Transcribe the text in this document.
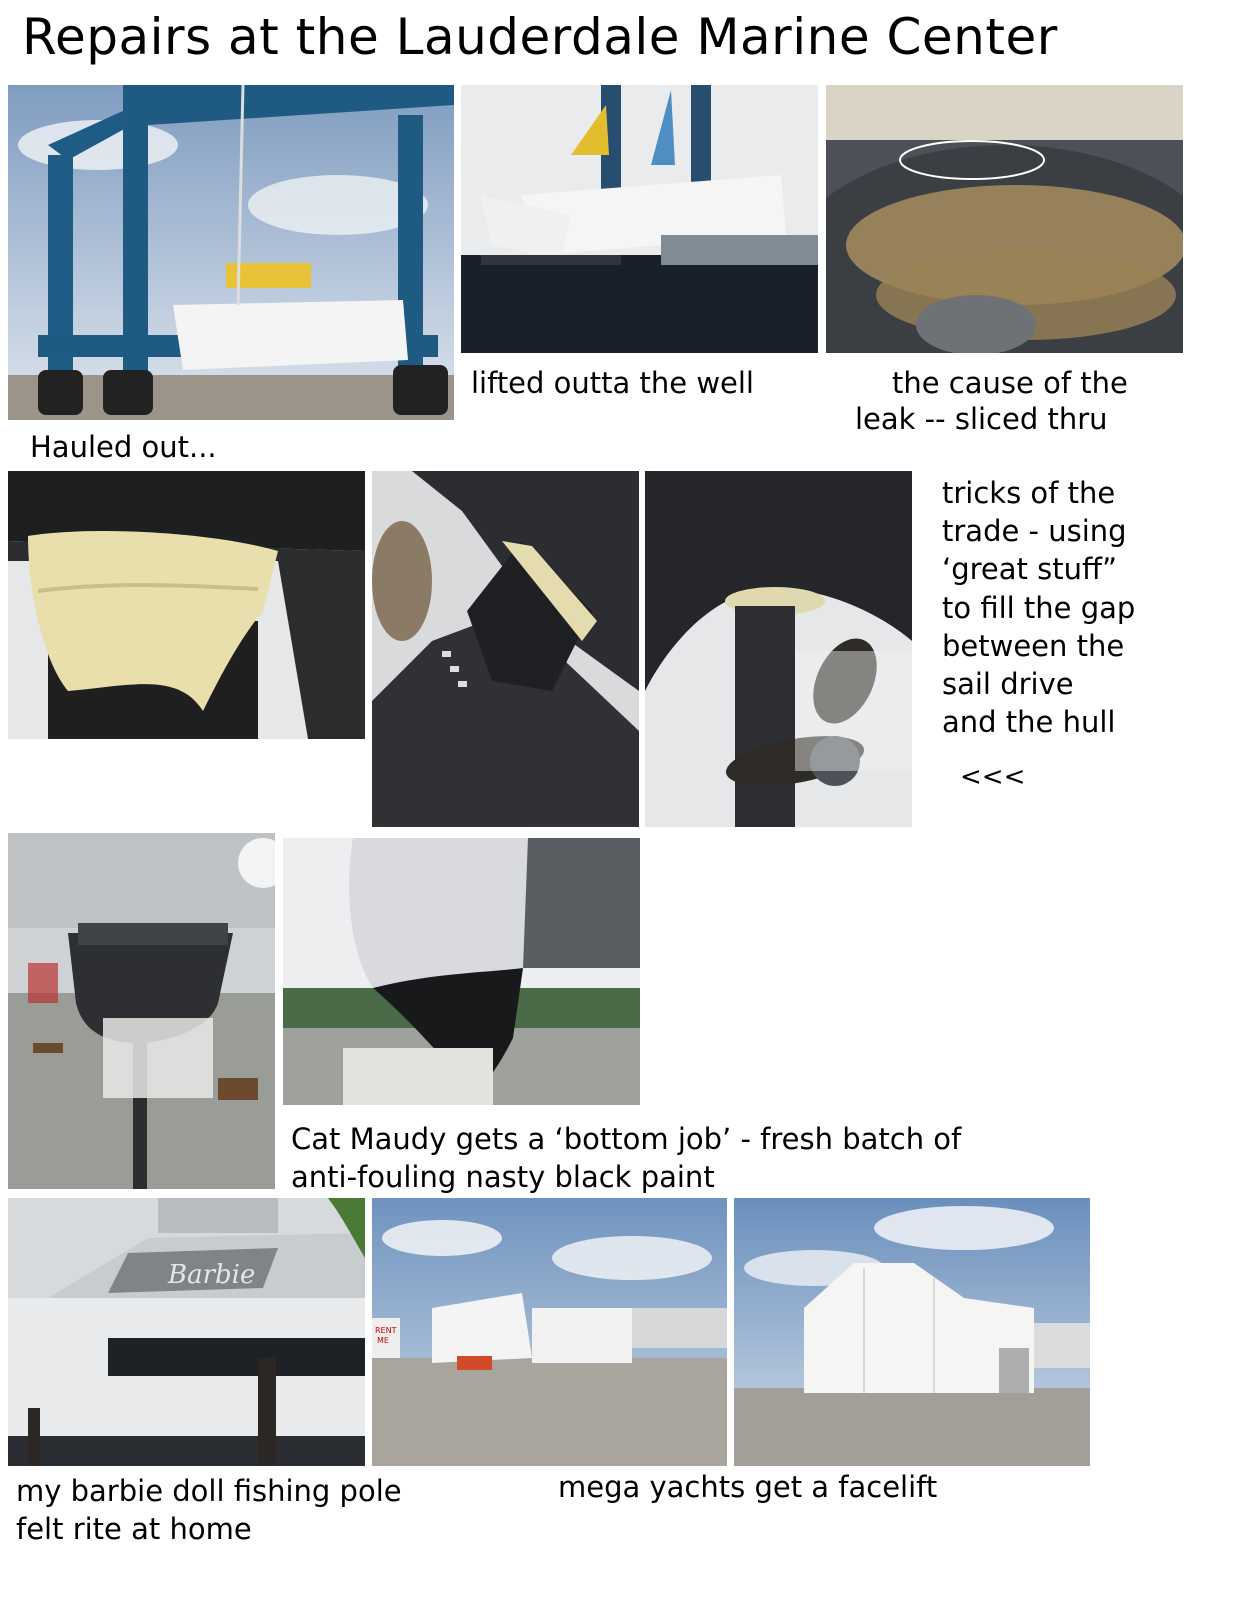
Repairs at the Lauderdale Marine Center
lifted outta the well	the cause of the
leak -- sliced thru
Hauled out...
tricks of the
trade - using
‘great stuff”
to fill the gap
between the
sail drive
and the hull
<<<
Cat Maudy gets a ‘bottom job’ - fresh batch of
anti-fouling nasty black paint
Barbie
RENT
ME
my barbie doll fishing pole
felt rite at home
mega yachts get a facelift
